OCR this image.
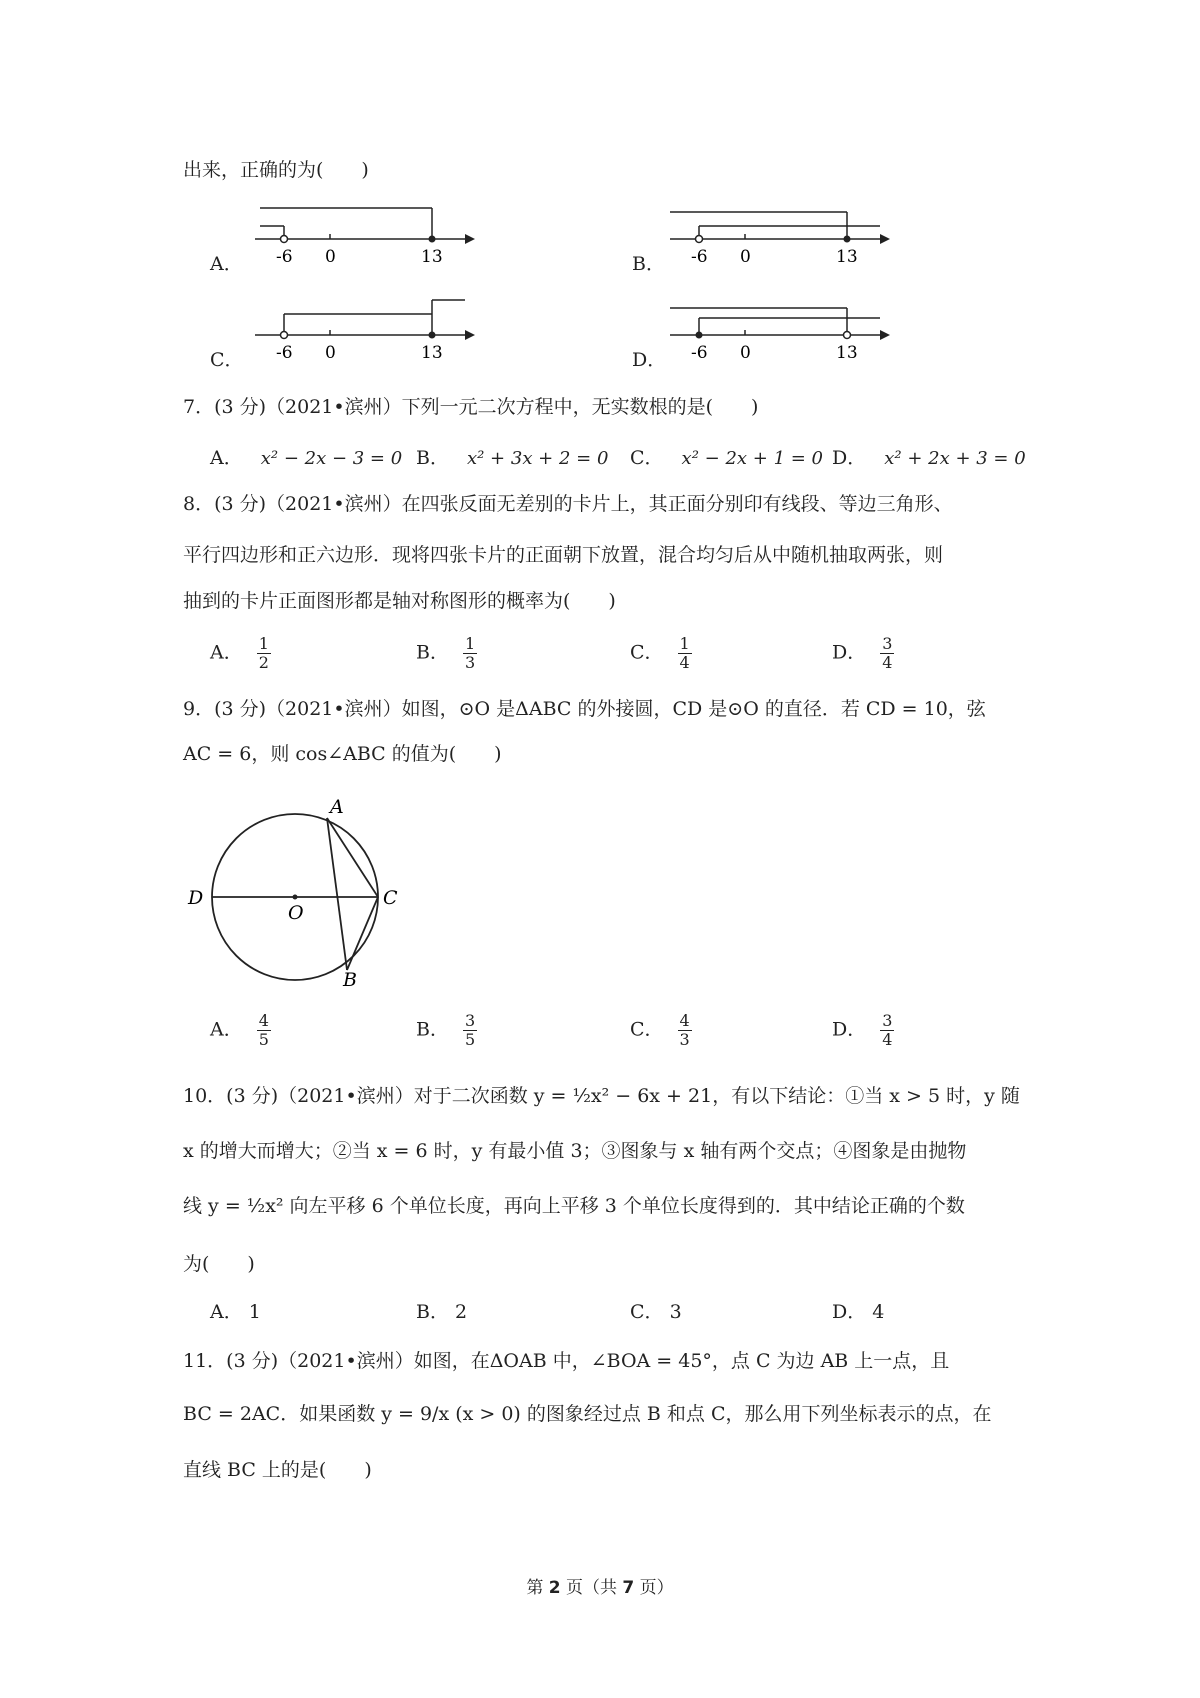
出来，正确的为(　　)
A． -6 0	13	B． -6 0	13
C． -6 0	13	D． -6 0	13
7．(3 分)（2021•滨州）下列一元二次方程中，无实数根的是(　　)
A． x² − 2x − 3 = 0 B． x² + 3x + 2 = 0 C． x² − 2x + 1 = 0 D． x² + 2x + 3 = 0
8．(3 分)（2021•滨州）在四张反面无差别的卡片上，其正面分别印有线段、等边三角形、
平行四边形和正六边形．现将四张卡片的正面朝下放置，混合均匀后从中随机抽取两张，则
抽到的卡片正面图形都是轴对称图形的概率为(　　)
A． $\frac{1}{2}$	B． $\frac{1}{3}$	C． $\frac{1}{4}$	D． $\frac{3}{4}$
9．(3 分)（2021•滨州）如图，⊙O 是ΔABC 的外接圆，CD 是⊙O 的直径．若 CD = 10，弦
AC = 6，则 cos∠ABC 的值为(　　)
A
B
C
D
O
A． $\frac{4}{5}$	B． $\frac{3}{5}$	C． $\frac{4}{3}$	D． $\frac{3}{4}$
10．(3 分)（2021•滨州）对于二次函数 y = ½x² − 6x + 21，有以下结论：①当 x > 5 时，y 随
x 的增大而增大；②当 x = 6 时，y 有最小值 3；③图象与 x 轴有两个交点；④图象是由抛物
线 y = ½x² 向左平移 6 个单位长度，再向上平移 3 个单位长度得到的．其中结论正确的个数
为(　　)
A． 1	B． 2	C． 3	D． 4
11．(3 分)（2021•滨州）如图，在ΔOAB 中，∠BOA = 45°，点 C 为边 AB 上一点，且
BC = 2AC．如果函数 y = 9/x (x > 0) 的图象经过点 B 和点 C，那么用下列坐标表示的点，在
直线 BC 上的是(　　)
第 2 页（共 7 页）
